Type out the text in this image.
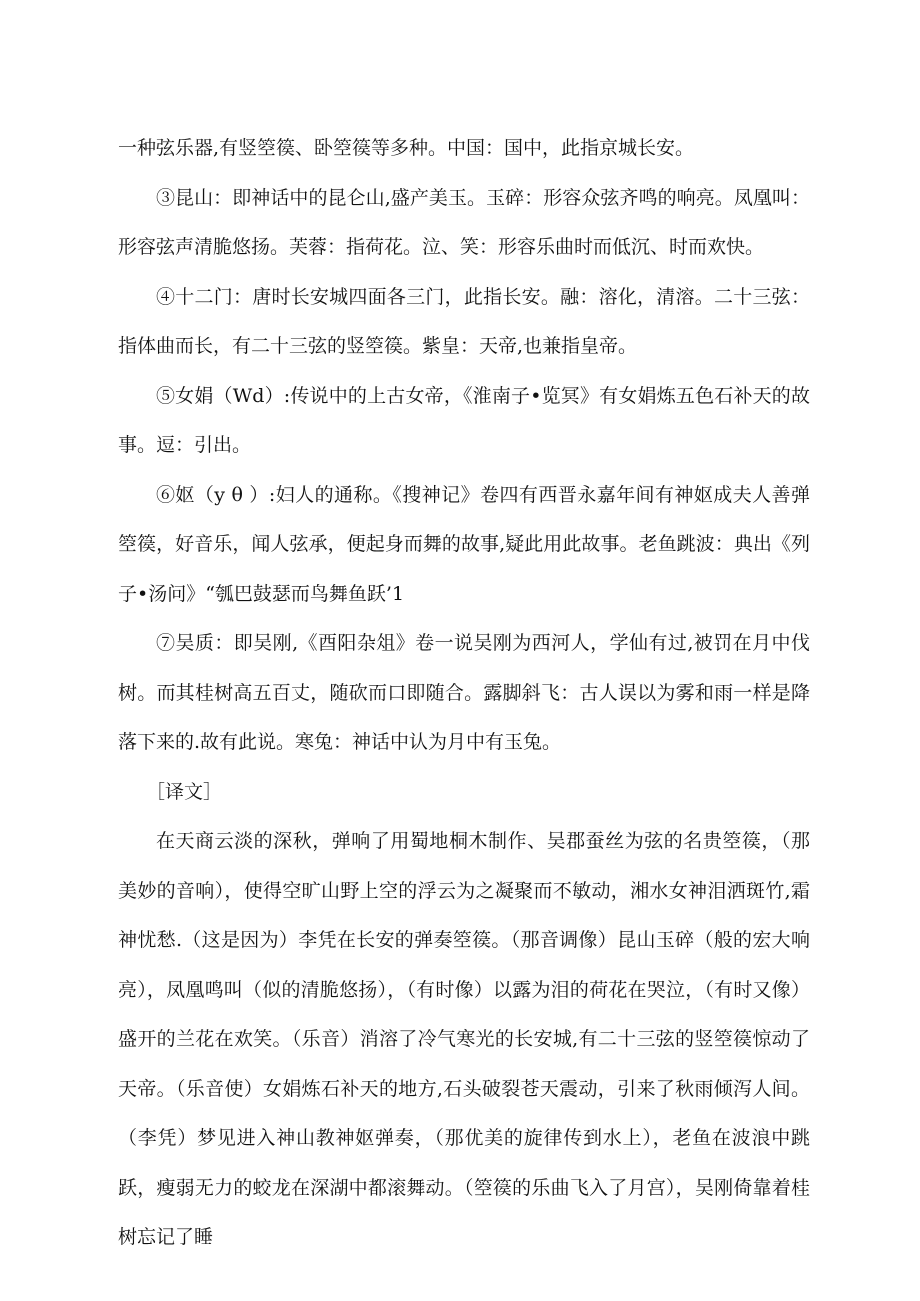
一种弦乐器,有竖箜篌、卧箜篌等多种。中国：国中，此指京城长安。

③昆山：即神话中的昆仑山,盛产美玉。玉碎：形容众弦齐鸣的响亮。凤凰叫：形容弦声清脆悠扬。芙蓉：指荷花。泣、笑：形容乐曲时而低沉、时而欢快。

④十二门：唐时长安城四面各三门，此指长安。融：溶化，清溶。二十三弦：指体曲而长，有二十三弦的竖箜篌。紫皇：天帝,也兼指皇帝。

⑤女娟（Wd）:传说中的上古女帝，《淮南子•览冥》有女娟炼五色石补天的故事。逗：引出。

⑥妪（y θ ）:妇人的通称。《搜神记》卷四有西晋永嘉年间有神妪成夫人善弹箜篌，好音乐，闻人弦承，便起身而舞的故事,疑此用此故事。老鱼跳波：典出《列子•汤问》“瓠巴鼓瑟而鸟舞鱼跃’1

⑦吴质：即吴刚,《酉阳杂俎》卷一说吴刚为西河人，学仙有过,被罚在月中伐树。而其桂树高五百丈，随砍而口即随合。露脚斜飞：古人误以为雾和雨一样是降落下来的.故有此说。寒兔：神话中认为月中有玉兔。

［译文］

在天商云淡的深秋，弹响了用蜀地桐木制作、吴郡蚕丝为弦的名贵箜篌，（那美妙的音响），使得空旷山野上空的浮云为之凝聚而不敏动，湘水女神泪洒斑竹,霜神忧愁.（这是因为）李凭在长安的弹奏箜篌。（那音调像）昆山玉碎（般的宏大响亮），凤凰鸣叫（似的清脆悠扬），（有时像）以露为泪的荷花在哭泣，（有时又像）盛开的兰花在欢笑。（乐音）消溶了冷气寒光的长安城,有二十三弦的竖箜篌惊动了天帝。（乐音使）女娟炼石补天的地方,石头破裂苍天震动，引来了秋雨倾泻人间。（李凭）梦见进入神山教神妪弹奏，（那优美的旋律传到水上），老鱼在波浪中跳跃，瘦弱无力的蛟龙在深湖中都滚舞动。（箜篌的乐曲飞入了月宫），吴刚倚靠着桂树忘记了睡
